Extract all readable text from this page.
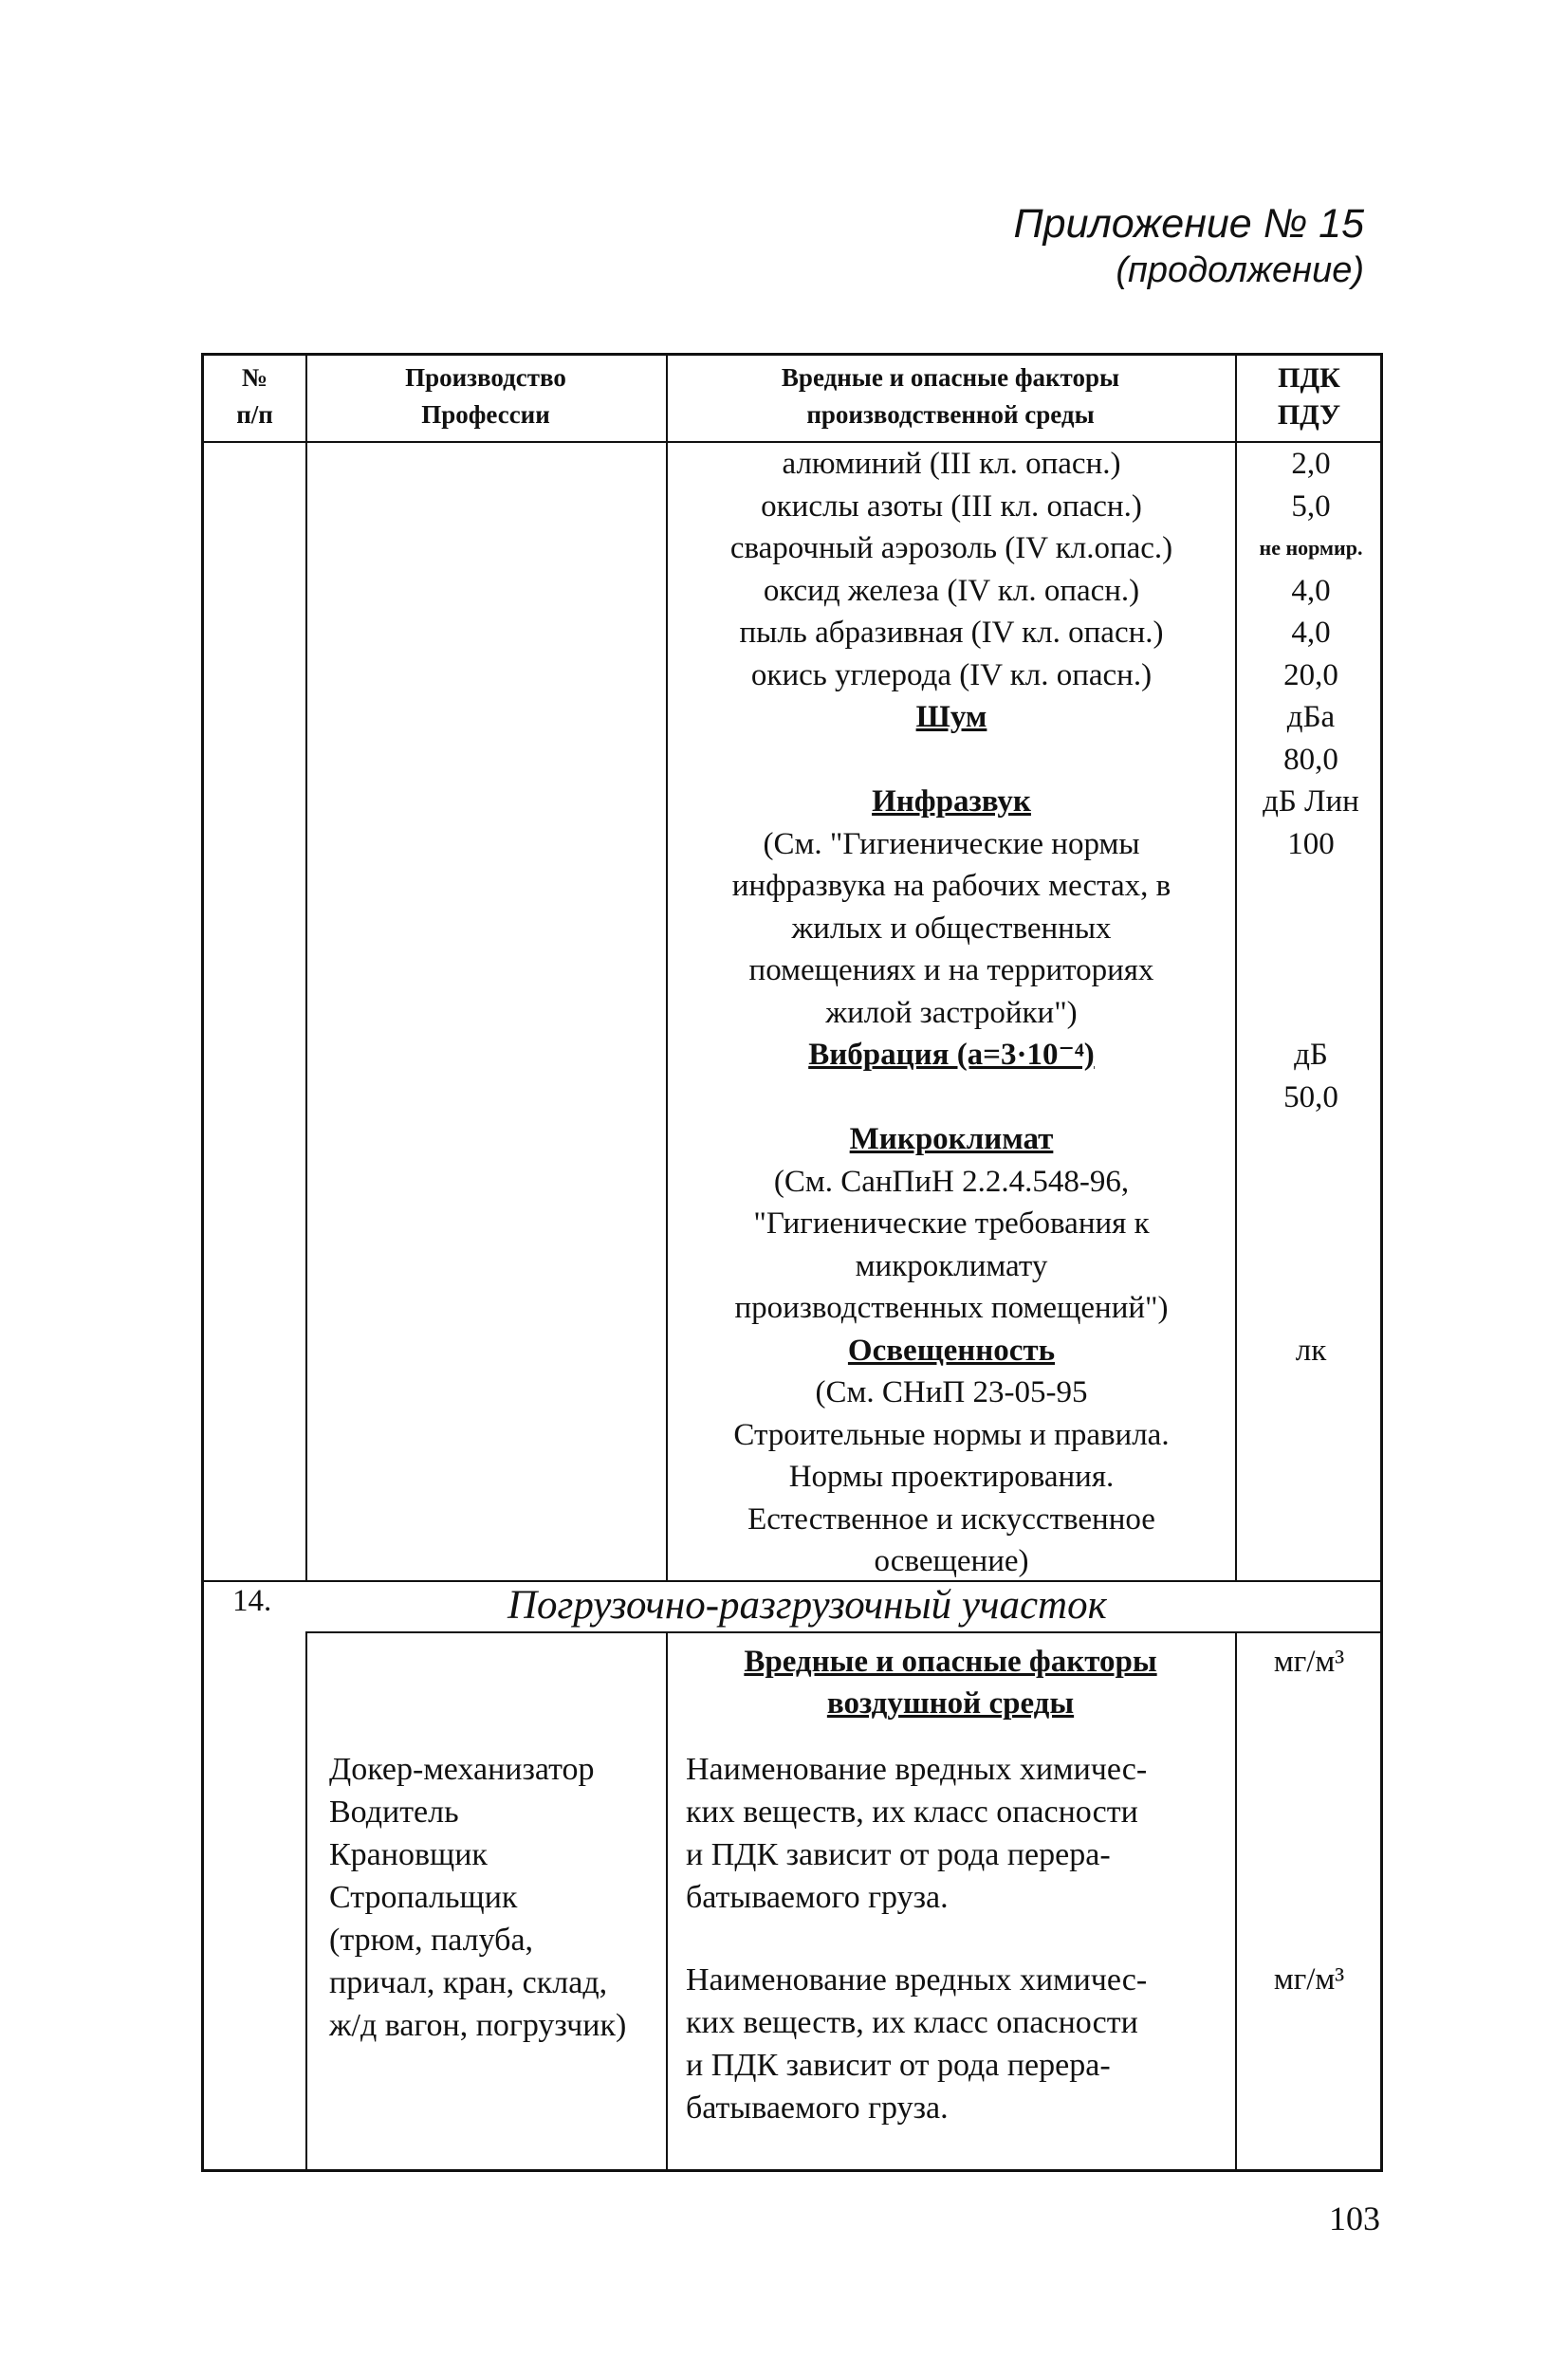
Приложение № 15
(продолжение)
№
п/п
Производство
Профессии
Вредные и опасные факторы
производственной среды
ПДК
ПДУ
алюминий (III кл. опасн.)
окислы азоты (III кл. опасн.)
сварочный аэрозоль (IV кл.опас.)
оксид железа (IV кл. опасн.)
пыль абразивная (IV кл. опасн.)
окись углерода (IV кл. опасн.)
Шум
Инфразвук
(См. "Гигиенические нормы
инфразвука на рабочих местах, в
жилых и общественных
помещениях и на территориях
жилой застройки")
Вибрация (а=3·10⁻⁴)
Микроклимат
(См. СанПиН 2.2.4.548-96,
"Гигиенические требования к
микроклимату
производственных помещений")
Освещенность
(См. СНиП 23-05-95
Строительные нормы и правила.
Нормы проектирования.
Естественное и искусственное
освещение)
2,0
5,0
не нормир.
4,0
4,0
20,0
дБа
80,0
дБ Лин
100
дБ
50,0
лк
14.	Погрузочно-разгрузочный участок
Вредные и опасные факторы
воздушной среды
мг/м³
Докер-механизатор
Водитель
Крановщик
Стропальщик
(трюм, палуба,
причал, кран, склад,
ж/д вагон, погрузчик)
Наименование вредных химичес-
ких веществ, их класс опасности
и ПДК зависит от рода перера-
батываемого груза.
Наименование вредных химичес-
ких веществ, их класс опасности
и ПДК зависит от рода перера-
батываемого груза.
мг/м³
103
